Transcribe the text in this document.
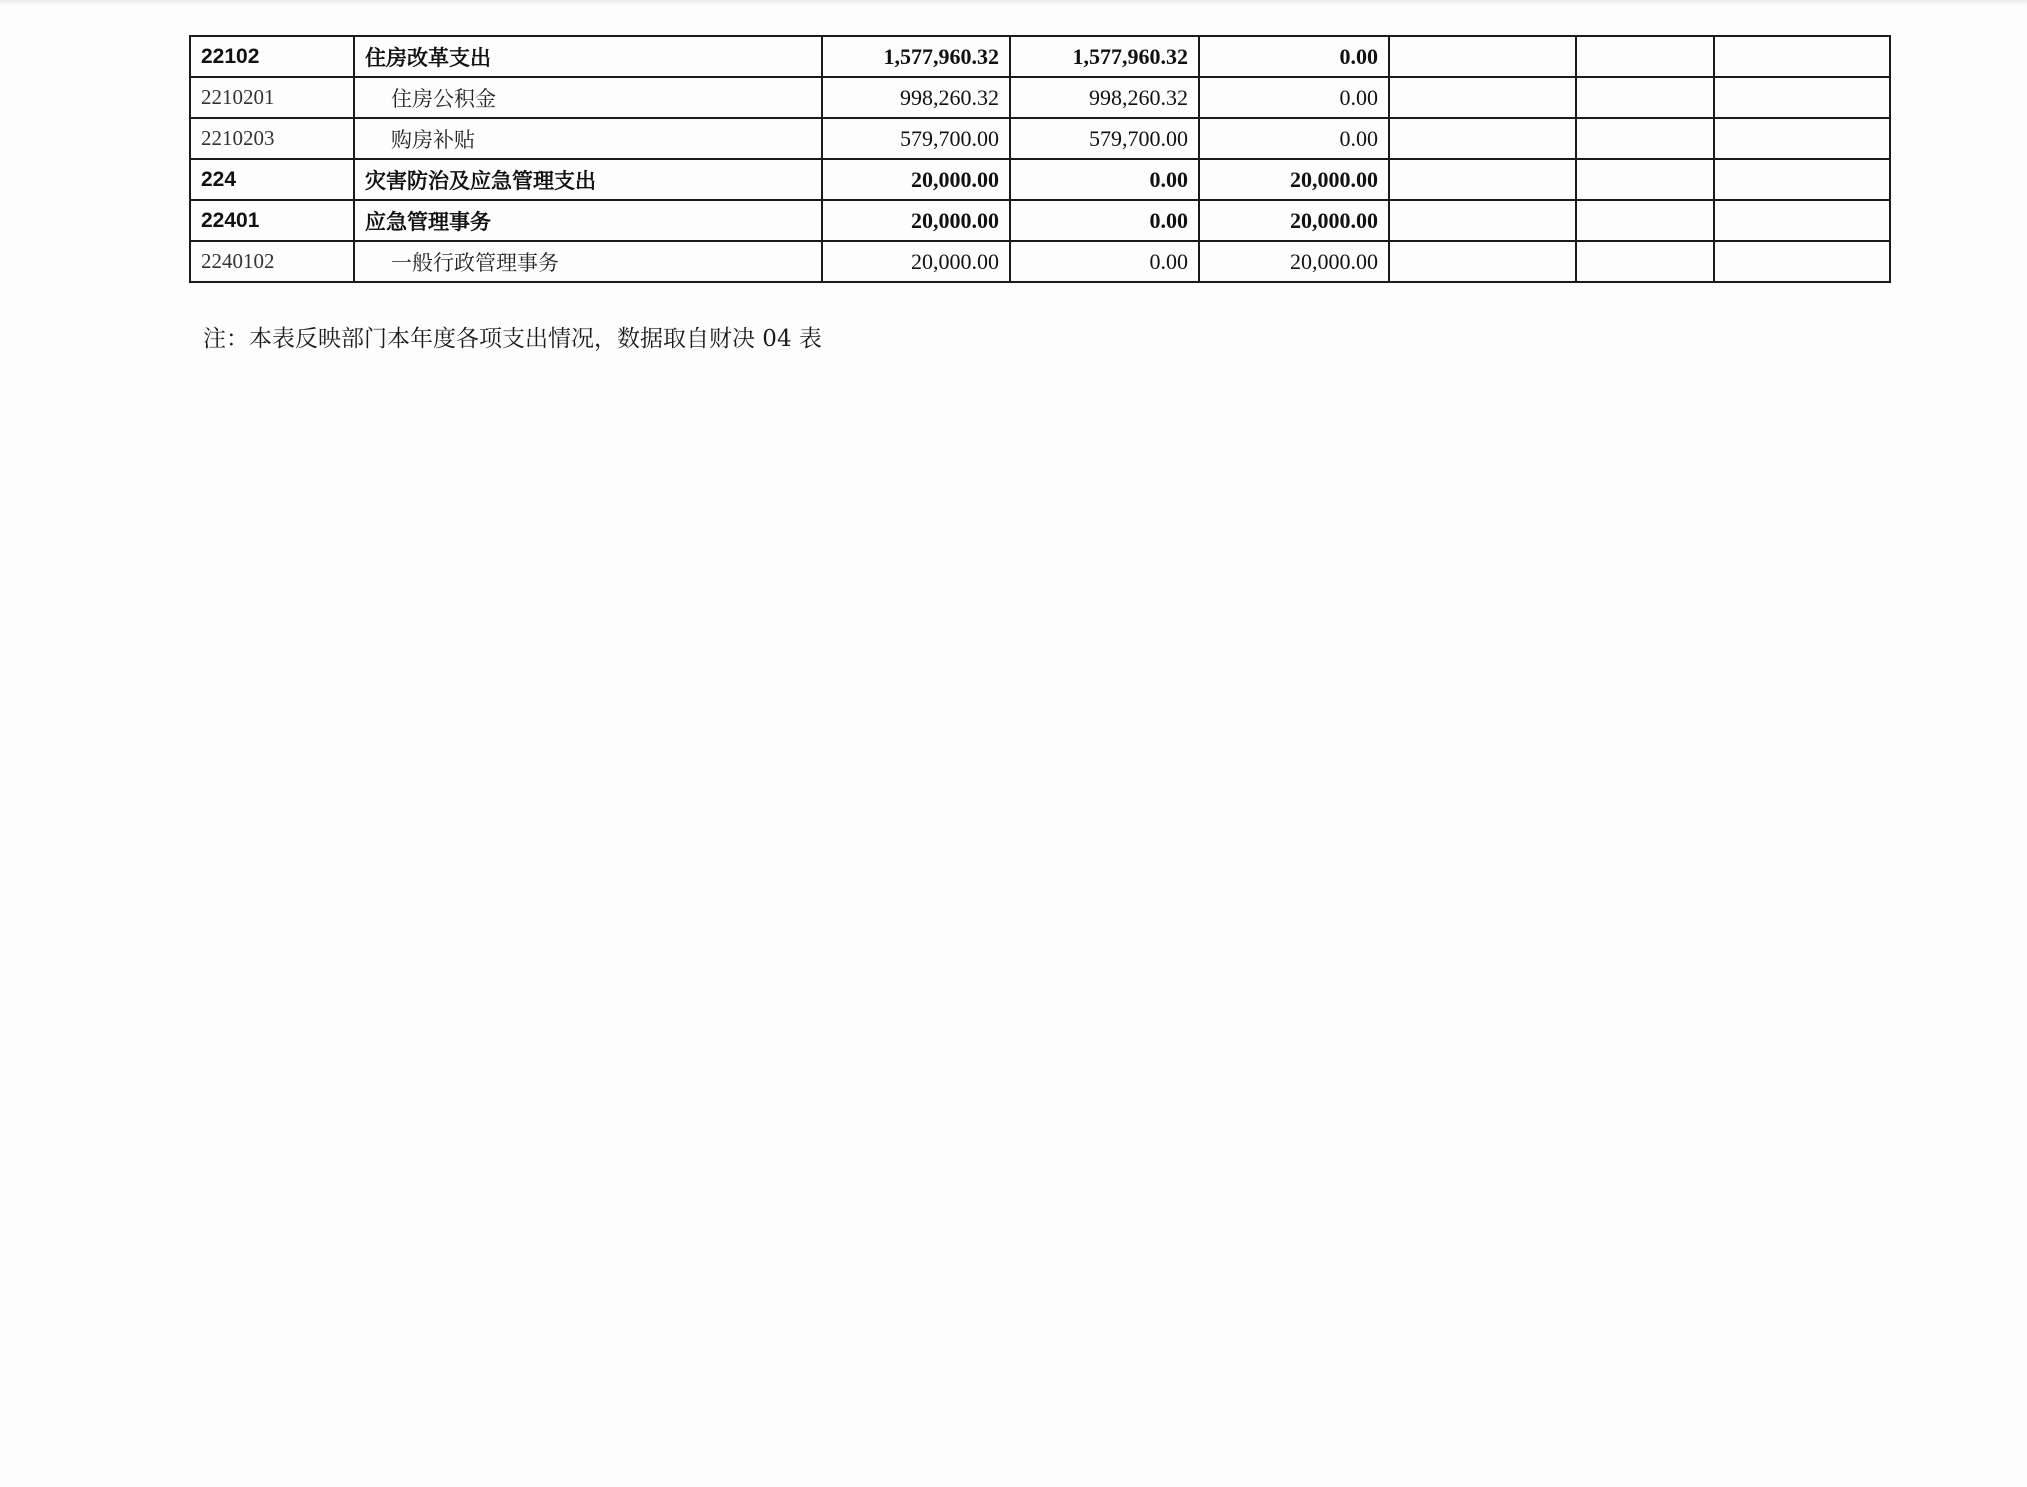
22102	住房改革支出	1,577,960.32	1,577,960.32	0.00			
2210201	住房公积金	998,260.32	998,260.32	0.00			
2210203	购房补贴	579,700.00	579,700.00	0.00			
224	灾害防治及应急管理支出	20,000.00	0.00	20,000.00			
22401	应急管理事务	20,000.00	0.00	20,000.00			
2240102	一般行政管理事务	20,000.00	0.00	20,000.00			
注：本表反映部门本年度各项支出情况，数据取自财决 04 表
